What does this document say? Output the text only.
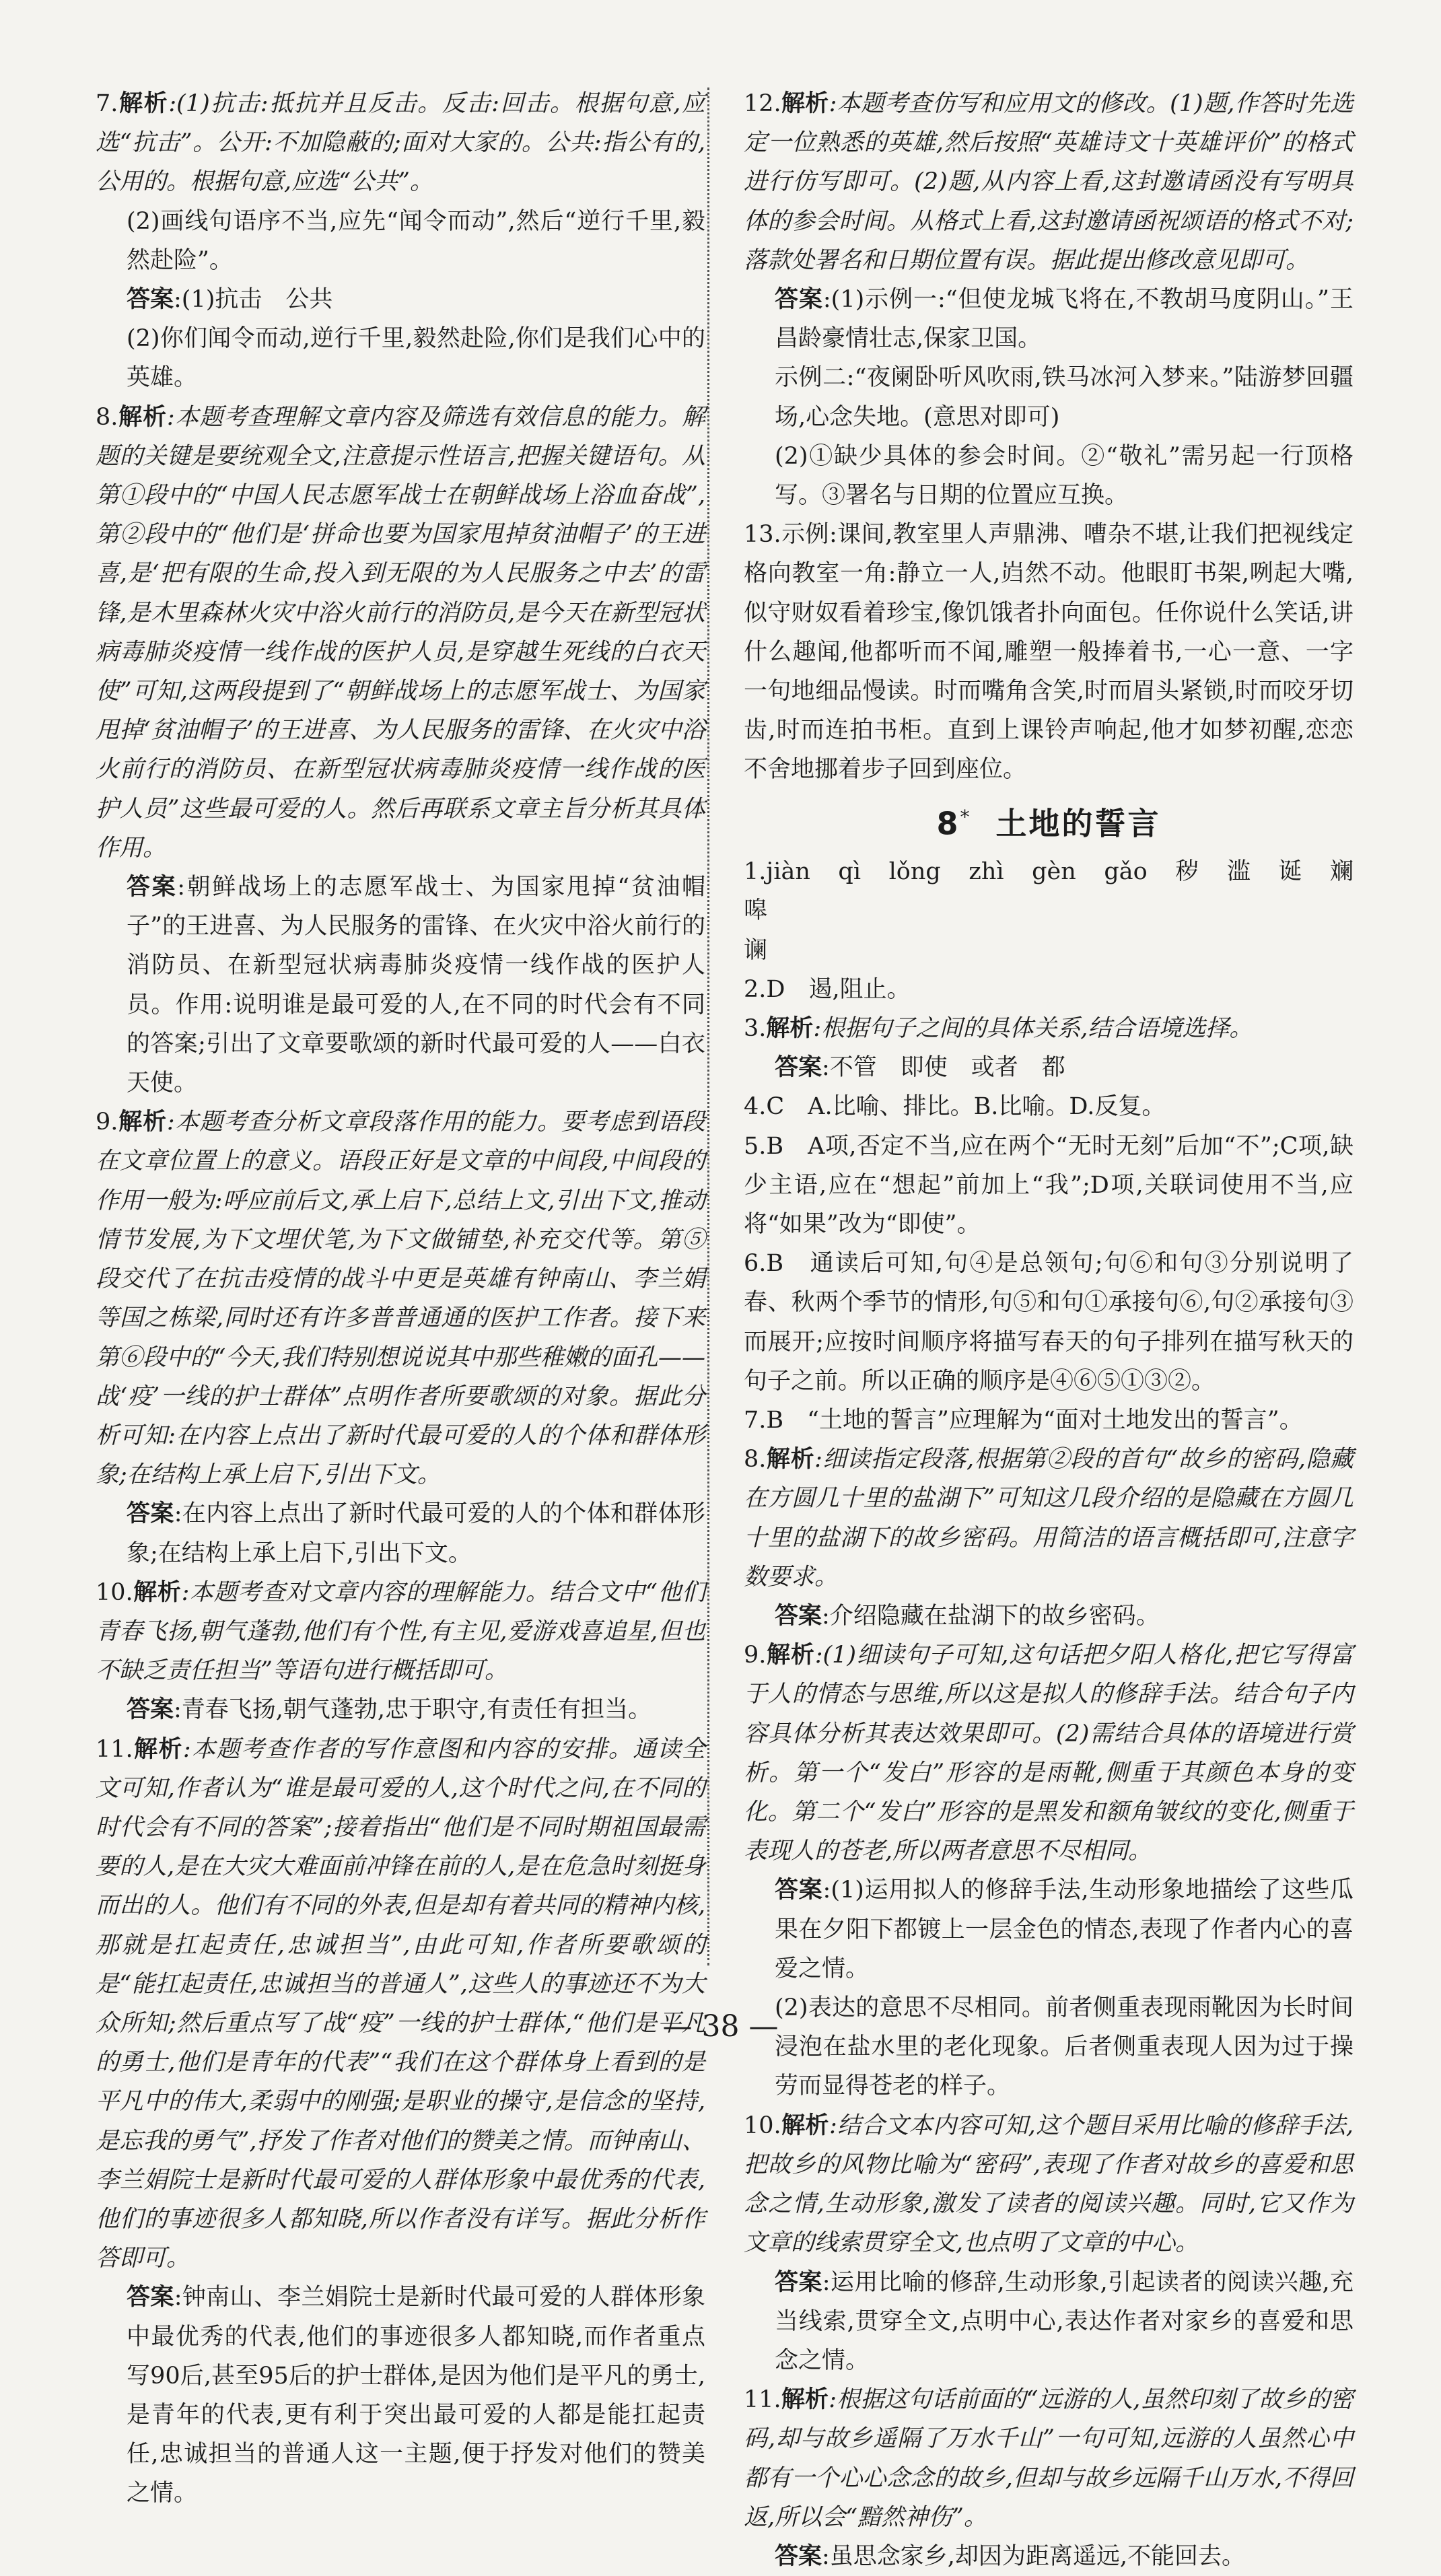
7.解析:(1)抗击:抵抗并且反击。反击:回击。根据句意,应选“抗击”。公开:不加隐蔽的;面对大家的。公共:指公有的,公用的。根据句意,应选“公共”。

(2)画线句语序不当,应先“闻令而动”,然后“逆行千里,毅然赴险”。

答案:(1)抗击　公共

(2)你们闻令而动,逆行千里,毅然赴险,你们是我们心中的英雄。

8.解析:本题考查理解文章内容及筛选有效信息的能力。解题的关键是要统观全文,注意提示性语言,把握关键语句。从第①段中的“中国人民志愿军战士在朝鲜战场上浴血奋战”,第②段中的“他们是‘拼命也要为国家甩掉贫油帽子’的王进喜,是‘把有限的生命,投入到无限的为人民服务之中去’的雷锋,是木里森林火灾中浴火前行的消防员,是今天在新型冠状病毒肺炎疫情一线作战的医护人员,是穿越生死线的白衣天使”可知,这两段提到了“朝鲜战场上的志愿军战士、为国家甩掉‘贫油帽子’的王进喜、为人民服务的雷锋、在火灾中浴火前行的消防员、在新型冠状病毒肺炎疫情一线作战的医护人员”这些最可爱的人。然后再联系文章主旨分析其具体作用。

答案:朝鲜战场上的志愿军战士、为国家甩掉“贫油帽子”的王进喜、为人民服务的雷锋、在火灾中浴火前行的消防员、在新型冠状病毒肺炎疫情一线作战的医护人员。作用:说明谁是最可爱的人,在不同的时代会有不同的答案;引出了文章要歌颂的新时代最可爱的人——白衣天使。

9.解析:本题考查分析文章段落作用的能力。要考虑到语段在文章位置上的意义。语段正好是文章的中间段,中间段的作用一般为:呼应前后文,承上启下,总结上文,引出下文,推动情节发展,为下文埋伏笔,为下文做铺垫,补充交代等。第⑤段交代了在抗击疫情的战斗中更是英雄有钟南山、李兰娟等国之栋梁,同时还有许多普普通通的医护工作者。接下来第⑥段中的“今天,我们特别想说说其中那些稚嫩的面孔——战‘疫’一线的护士群体”点明作者所要歌颂的对象。据此分析可知:在内容上点出了新时代最可爱的人的个体和群体形象;在结构上承上启下,引出下文。

答案:在内容上点出了新时代最可爱的人的个体和群体形象;在结构上承上启下,引出下文。

10.解析:本题考查对文章内容的理解能力。结合文中“他们青春飞扬,朝气蓬勃,他们有个性,有主见,爱游戏喜追星,但也不缺乏责任担当”等语句进行概括即可。

答案:青春飞扬,朝气蓬勃,忠于职守,有责任有担当。

11.解析:本题考查作者的写作意图和内容的安排。通读全文可知,作者认为“谁是最可爱的人,这个时代之问,在不同的时代会有不同的答案”;接着指出“他们是不同时期祖国最需要的人,是在大灾大难面前冲锋在前的人,是在危急时刻挺身而出的人。他们有不同的外表,但是却有着共同的精神内核,那就是扛起责任,忠诚担当”,由此可知,作者所要歌颂的是“能扛起责任,忠诚担当的普通人”,这些人的事迹还不为大众所知;然后重点写了战“疫”一线的护士群体,“他们是平凡的勇士,他们是青年的代表”“我们在这个群体身上看到的是平凡中的伟大,柔弱中的刚强;是职业的操守,是信念的坚持,是忘我的勇气”,抒发了作者对他们的赞美之情。而钟南山、李兰娟院士是新时代最可爱的人群体形象中最优秀的代表,他们的事迹很多人都知晓,所以作者没有详写。据此分析作答即可。

答案:钟南山、李兰娟院士是新时代最可爱的人群体形象中最优秀的代表,他们的事迹很多人都知晓,而作者重点写90后,甚至95后的护士群体,是因为他们是平凡的勇士,是青年的代表,更有利于突出最可爱的人都是能扛起责任,忠诚担当的普通人这一主题,便于抒发对他们的赞美之情。

12.解析:本题考查仿写和应用文的修改。(1)题,作答时先选定一位熟悉的英雄,然后按照“英雄诗文十英雄评价”的格式进行仿写即可。(2)题,从内容上看,这封邀请函没有写明具体的参会时间。从格式上看,这封邀请函祝颂语的格式不对;落款处署名和日期位置有误。据此提出修改意见即可。

答案:(1)示例一:“但使龙城飞将在,不教胡马度阴山。”王昌龄豪情壮志,保家卫国。

示例二:“夜阑卧听风吹雨,铁马冰河入梦来。”陆游梦回疆场,心念失地。(意思对即可)

(2)①缺少具体的参会时间。②“敬礼”需另起一行顶格写。③署名与日期的位置应互换。

13.示例:课间,教室里人声鼎沸、嘈杂不堪,让我们把视线定格向教室一角:静立一人,岿然不动。他眼盯书架,咧起大嘴,似守财奴看着珍宝,像饥饿者扑向面包。任你说什么笑话,讲什么趣闻,他都听而不闻,雕塑一般捧着书,一心一意、一字一句地细品慢读。时而嘴角含笑,时而眉头紧锁,时而咬牙切齿,时而连拍书柜。直到上课铃声响起,他才如梦初醒,恋恋不舍地挪着步子回到座位。

8* 土地的誓言

1.jiàn　qì　lǒng　zhì　gèn　gǎo　秽　滥　诞　斓　嗥
谰

2.D　遏,阻止。

3.解析:根据句子之间的具体关系,结合语境选择。

答案:不管　即使　或者　都

4.C　A.比喻、排比。B.比喻。D.反复。

5.B　A项,否定不当,应在两个“无时无刻”后加“不”;C项,缺少主语,应在“想起”前加上“我”;D项,关联词使用不当,应将“如果”改为“即使”。

6.B　通读后可知,句④是总领句;句⑥和句③分别说明了春、秋两个季节的情形,句⑤和句①承接句⑥,句②承接句③而展开;应按时间顺序将描写春天的句子排列在描写秋天的句子之前。所以正确的顺序是④⑥⑤①③②。

7.B　“土地的誓言”应理解为“面对土地发出的誓言”。

8.解析:细读指定段落,根据第②段的首句“故乡的密码,隐藏在方圆几十里的盐湖下”可知这几段介绍的是隐藏在方圆几十里的盐湖下的故乡密码。用简洁的语言概括即可,注意字数要求。

答案:介绍隐藏在盐湖下的故乡密码。

9.解析:(1)细读句子可知,这句话把夕阳人格化,把它写得富于人的情态与思维,所以这是拟人的修辞手法。结合句子内容具体分析其表达效果即可。(2)需结合具体的语境进行赏析。第一个“发白”形容的是雨靴,侧重于其颜色本身的变化。第二个“发白”形容的是黑发和额角皱纹的变化,侧重于表现人的苍老,所以两者意思不尽相同。

答案:(1)运用拟人的修辞手法,生动形象地描绘了这些瓜果在夕阳下都镀上一层金色的情态,表现了作者内心的喜爱之情。

(2)表达的意思不尽相同。前者侧重表现雨靴因为长时间浸泡在盐水里的老化现象。后者侧重表现人因为过于操劳而显得苍老的样子。

10.解析:结合文本内容可知,这个题目采用比喻的修辞手法,把故乡的风物比喻为“密码”,表现了作者对故乡的喜爱和思念之情,生动形象,激发了读者的阅读兴趣。同时,它又作为文章的线索贯穿全文,也点明了文章的中心。

答案:运用比喻的修辞,生动形象,引起读者的阅读兴趣,充当线索,贯穿全文,点明中心,表达作者对家乡的喜爱和思念之情。

11.解析:根据这句话前面的“远游的人,虽然印刻了故乡的密码,却与故乡遥隔了万水千山”一句可知,远游的人虽然心中都有一个心心念念的故乡,但却与故乡远隔千山万水,不得回返,所以会“黯然神伤”。

答案:虽思念家乡,却因为距离遥远,不能回去。

— 38 —
